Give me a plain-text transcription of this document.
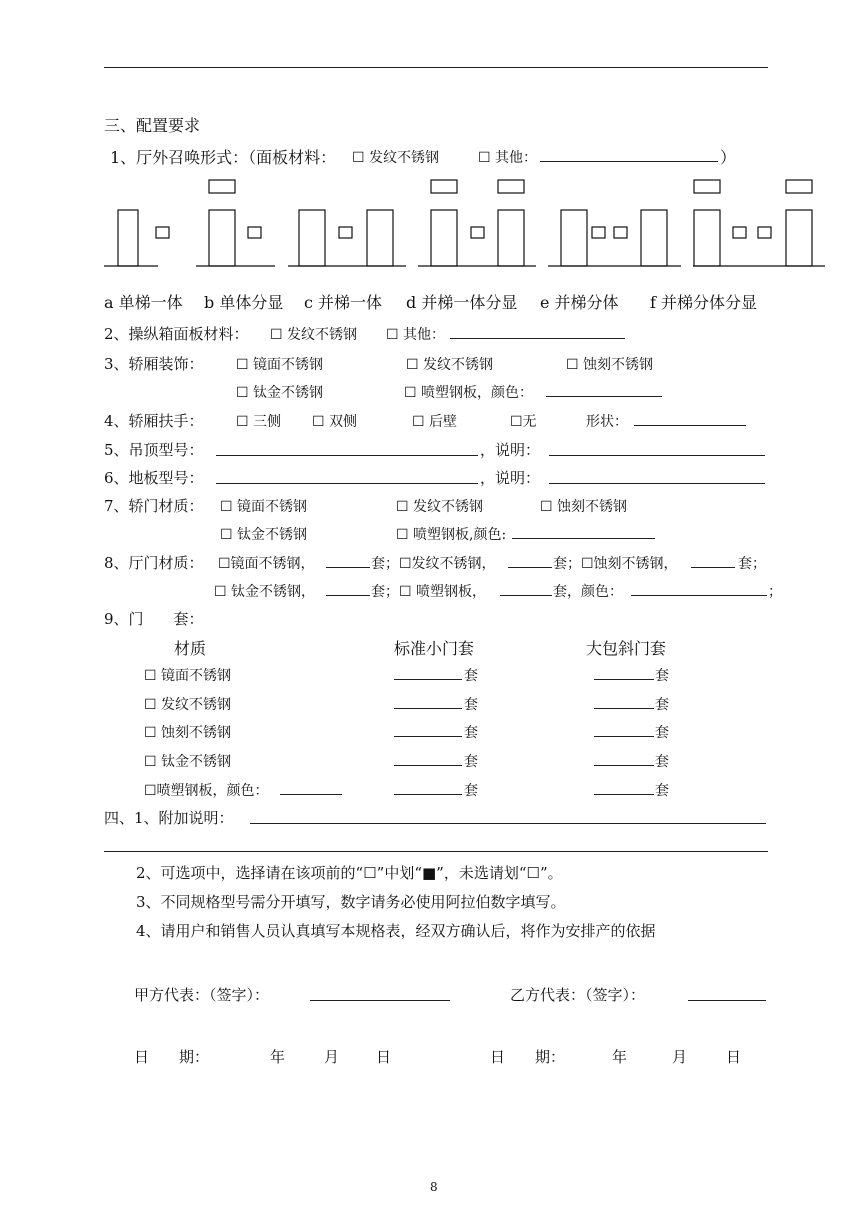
三、配置要求
1、厅外召唤形式：（面板材料： ☐ 发纹不锈钢	☐ 其他：	）
a 单梯一体 b 单体分显 c 并梯一体 d 并梯一体分显 e 并梯分体 f 并梯分体分显
2、操纵箱面板材料： ☐ 发纹不锈钢 ☐ 其他：
3、轿厢装饰： ☐ 镜面不锈钢	☐ 发纹不锈钢	☐ 蚀刻不锈钢
☐ 钛金不锈钢	☐ 喷塑钢板，颜色：
4、轿厢扶手： ☐ 三侧 ☐ 双侧	☐ 后壁	☐无	形状：
5、吊顶型号：	，说明：
6、地板型号：	，说明：
7、轿门材质： ☐ 镜面不锈钢	☐ 发纹不锈钢	☐ 蚀刻不锈钢
☐ 钛金不锈钢	☐ 喷塑钢板,颜色:
8、厅门材质： ☐镜面不锈钢，	套；☐发纹不锈钢，	套；☐蚀刻不锈钢，	套；
☐ 钛金不锈钢，	套；☐ 喷塑钢板，	套，颜色：	；
9、门　　套：
材质	标准小门套	大包斜门套
☐ 镜面不锈钢	套	套
☐ 发纹不锈钢	套	套
☐ 蚀刻不锈钢	套	套
☐ 钛金不锈钢	套	套
☐喷塑钢板，颜色：	套	套
四、1、附加说明：
2、可选项中，选择请在该项前的“☐”中划“■”，未选请划“☐”。
3、不同规格型号需分开填写，数字请务必使用阿拉伯数字填写。
4、请用户和销售人员认真填写本规格表，经双方确认后，将作为安排产的依据
甲方代表：（签字）：	乙方代表：（签字）：
日　　期：	年	月 日	日　　期：	年	月	日
8
